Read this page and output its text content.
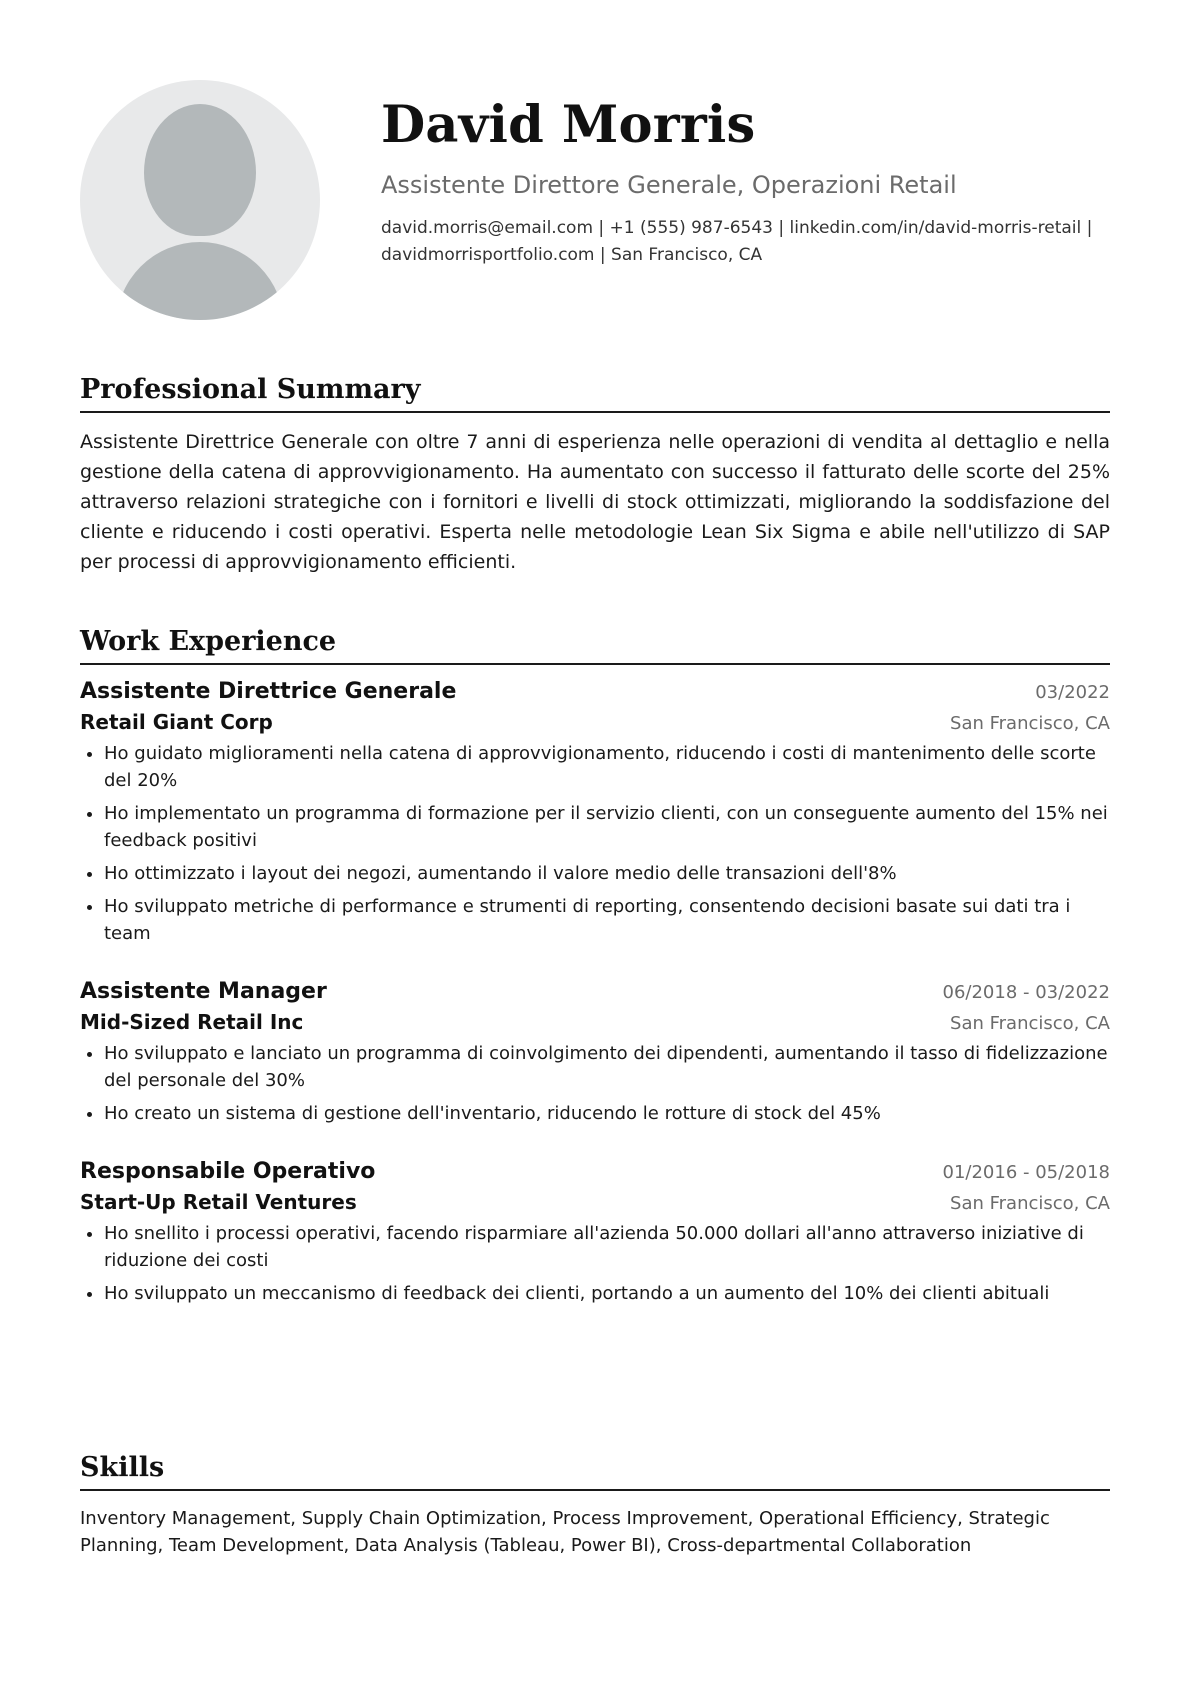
David Morris
Assistente Direttore Generale, Operazioni Retail
david.morris@email.com | +1 (555) 987-6543 | linkedin.com/in/david-morris-retail | davidmorrisportfolio.com | San Francisco, CA
Professional Summary
Assistente Direttrice Generale con oltre 7 anni di esperienza nelle operazioni di vendita al dettaglio e nella gestione della catena di approvvigionamento. Ha aumentato con successo il fatturato delle scorte del 25% attraverso relazioni strategiche con i fornitori e livelli di stock ottimizzati, migliorando la soddisfazione del cliente e riducendo i costi operativi. Esperta nelle metodologie Lean Six Sigma e abile nell'utilizzo di SAP per processi di approvvigionamento efficienti.
Work Experience
Assistente Direttrice Generale	03/2022
Retail Giant Corp	San Francisco, CA
Ho guidato miglioramenti nella catena di approvvigionamento, riducendo i costi di mantenimento delle scorte del 20%
Ho implementato un programma di formazione per il servizio clienti, con un conseguente aumento del 15% nei feedback positivi
Ho ottimizzato i layout dei negozi, aumentando il valore medio delle transazioni dell'8%
Ho sviluppato metriche di performance e strumenti di reporting, consentendo decisioni basate sui dati tra i team
Assistente Manager	06/2018 - 03/2022
Mid-Sized Retail Inc	San Francisco, CA
Ho sviluppato e lanciato un programma di coinvolgimento dei dipendenti, aumentando il tasso di fidelizzazione del personale del 30%
Ho creato un sistema di gestione dell'inventario, riducendo le rotture di stock del 45%
Responsabile Operativo	01/2016 - 05/2018
Start-Up Retail Ventures	San Francisco, CA
Ho snellito i processi operativi, facendo risparmiare all'azienda 50.000 dollari all'anno attraverso iniziative di riduzione dei costi
Ho sviluppato un meccanismo di feedback dei clienti, portando a un aumento del 10% dei clienti abituali
Skills
Inventory Management, Supply Chain Optimization, Process Improvement, Operational Efficiency, Strategic Planning, Team Development, Data Analysis (Tableau, Power BI), Cross-departmental Collaboration
